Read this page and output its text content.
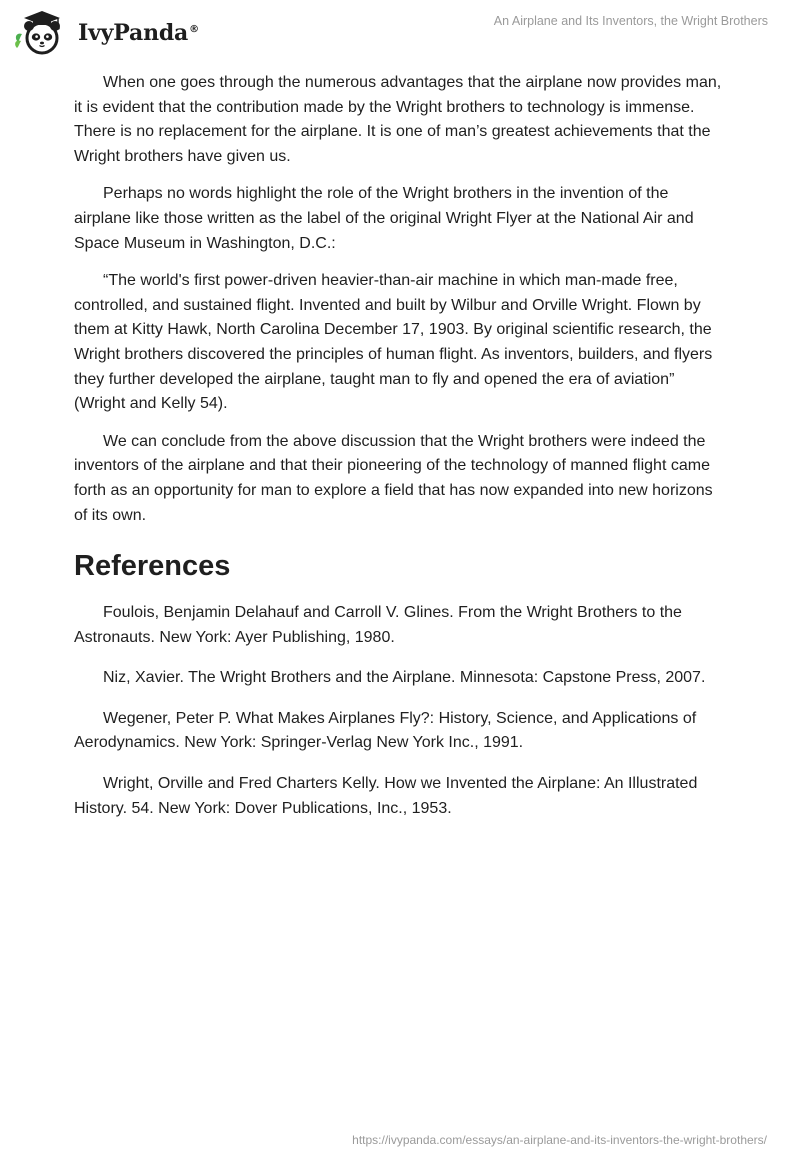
IvyPanda®
An Airplane and Its Inventors, the Wright Brothers

When one goes through the numerous advantages that the airplane now provides man, it is evident that the contribution made by the Wright brothers to technology is immense. There is no replacement for the airplane. It is one of man’s greatest achievements that the Wright brothers have given us.

Perhaps no words highlight the role of the Wright brothers in the invention of the airplane like those written as the label of the original Wright Flyer at the National Air and Space Museum in Washington, D.C.:

“The world's first power-driven heavier-than-air machine in which man-made free, controlled, and sustained flight. Invented and built by Wilbur and Orville Wright. Flown by them at Kitty Hawk, North Carolina December 17, 1903. By original scientific research, the Wright brothers discovered the principles of human flight. As inventors, builders, and flyers they further developed the airplane, taught man to fly and opened the era of aviation” (Wright and Kelly 54).

We can conclude from the above discussion that the Wright brothers were indeed the inventors of the airplane and that their pioneering of the technology of manned flight came forth as an opportunity for man to explore a field that has now expanded into new horizons of its own.

References

Foulois, Benjamin Delahauf and Carroll V. Glines. From the Wright Brothers to the Astronauts. New York: Ayer Publishing, 1980.

Niz, Xavier. The Wright Brothers and the Airplane. Minnesota: Capstone Press, 2007.

Wegener, Peter P. What Makes Airplanes Fly?: History, Science, and Applications of Aerodynamics. New York: Springer-Verlag New York Inc., 1991.

Wright, Orville and Fred Charters Kelly. How we Invented the Airplane: An Illustrated History. 54. New York: Dover Publications, Inc., 1953.

https://ivypanda.com/essays/an-airplane-and-its-inventors-the-wright-brothers/
